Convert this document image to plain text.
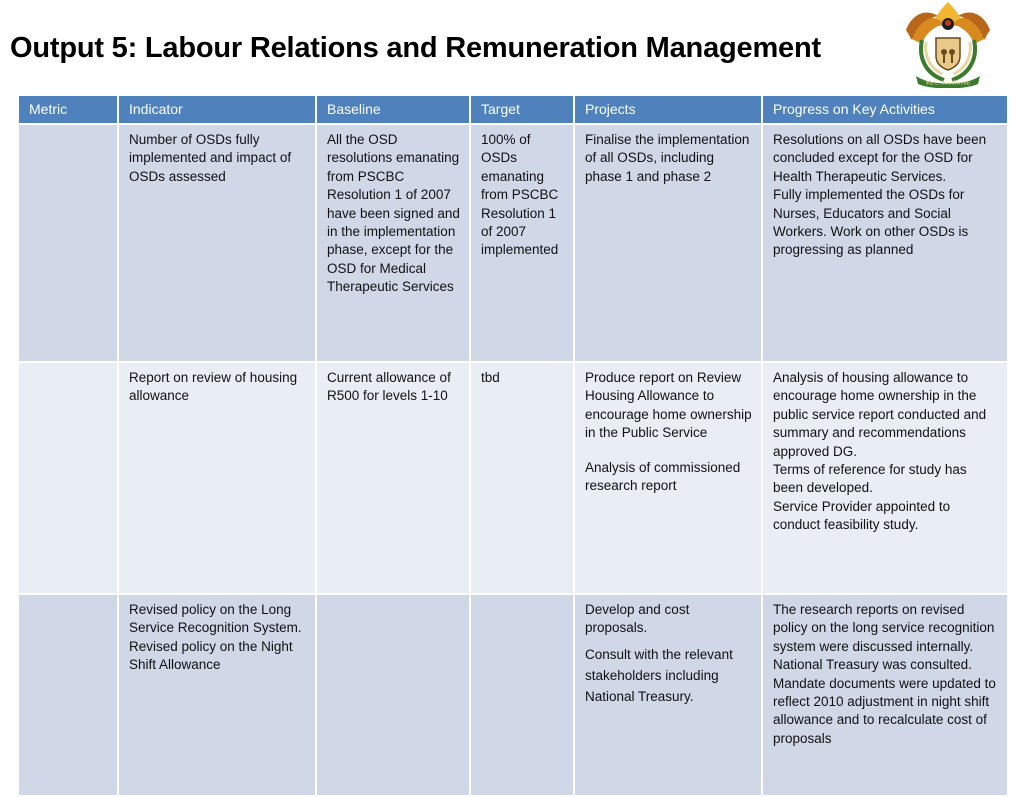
Output 5: Labour Relations and Remuneration Management
!KE E: /XARRA //KE
Metric	Indicator	Baseline	Target	Projects	Progress on Key Activities

	Number of OSDs fully implemented and impact of OSDs assessed	All the OSD resolutions emanating from PSCBC Resolution 1 of 2007 have been signed and in the implementation phase, except for the OSD for Medical Therapeutic Services	100% of OSDs emanating from PSCBC Resolution 1 of 2007 implemented	Finalise the implementation of all OSDs, including phase 1 and phase 2	Resolutions on all OSDs have been concluded except for the OSD for Health Therapeutic Services.
Fully implemented the OSDs for Nurses, Educators and Social Workers. Work on other OSDs is progressing as planned

	Report on review of housing allowance	Current allowance of R500 for levels 1-10	tbd	Produce report on Review Housing Allowance to encourage home ownership in the Public Service
Analysis of commissioned research report	Analysis of housing allowance to encourage home ownership in the public service report conducted and summary and recommendations approved DG.
Terms of reference for study has been developed.
Service Provider appointed to conduct feasibility study.

	Revised policy on the Long Service Recognition System.
Revised policy on the Night Shift Allowance			Develop and cost proposals.
Consult with the relevant stakeholders including National Treasury.	The research reports on revised policy on the long service recognition system were discussed internally.
National Treasury was consulted.
Mandate documents were updated to reflect 2010 adjustment in night shift allowance and to recalculate cost of proposals
